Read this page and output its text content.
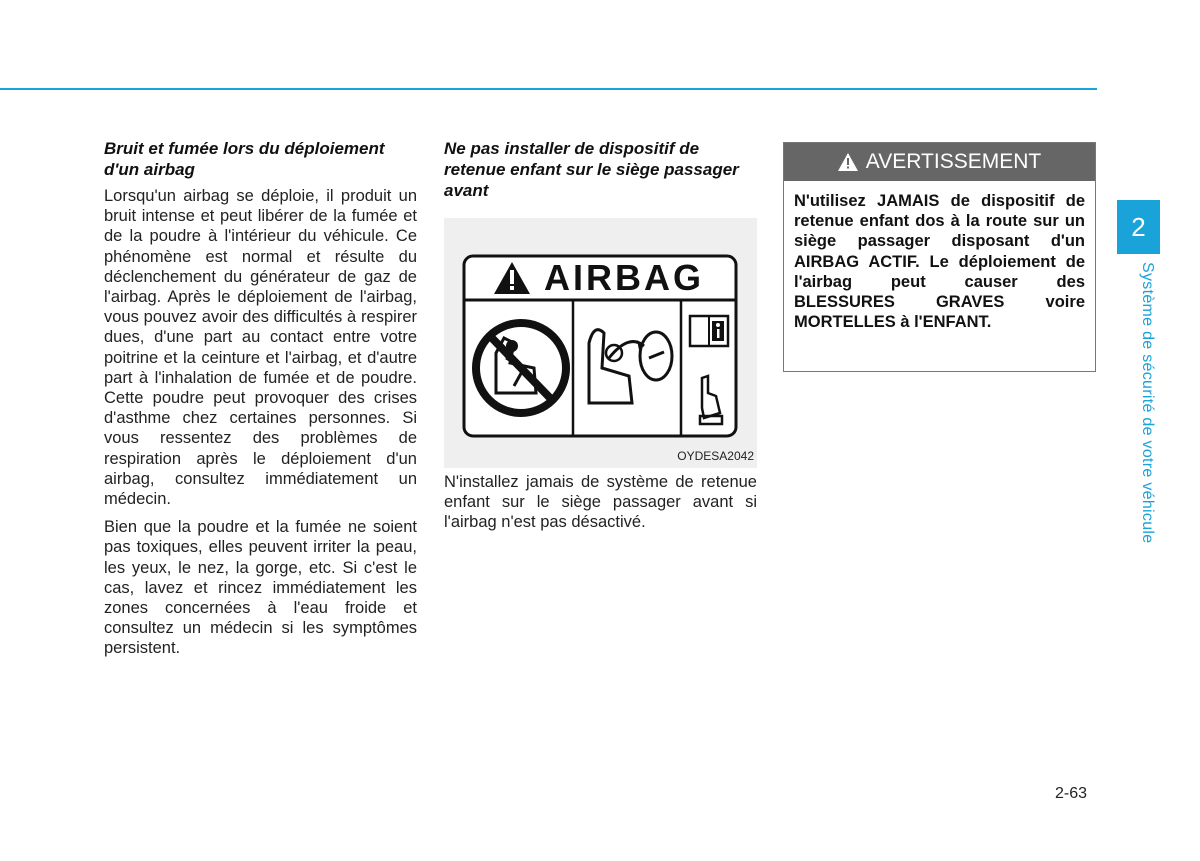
Bruit et fumée lors du déploiement d'un airbag

Lorsqu'un airbag se déploie, il produit un bruit intense et peut libérer de la fumée et de la poudre à l'intérieur du véhicule. Ce phénomène est normal et résulte du déclenchement du générateur de gaz de l'airbag. Après le déploiement de l'airbag, vous pouvez avoir des difficultés à respirer dues, d'une part au contact entre votre poitrine et la ceinture et l'airbag, et d'autre part à l'inhalation de fumée et de poudre. Cette poudre peut provoquer des crises d'asthme chez certaines personnes. Si vous ressentez des problèmes de respiration après le déploiement d'un airbag, consultez immédiatement un médecin.

Bien que la poudre et la fumée ne soient pas toxiques, elles peuvent irriter la peau, les yeux, le nez, la gorge, etc. Si c'est le cas, lavez et rincez immédiatement les zones concernées à l'eau froide et consultez un médecin si les symptômes persistent.

Ne pas installer de dispositif de retenue enfant sur le siège passager avant
AIRBAG
OYDESA2042

N'installez jamais de système de retenue enfant sur le siège passager avant si l'airbag n'est pas désactivé.

AVERTISSEMENT
N'utilisez JAMAIS de dispositif de retenue enfant dos à la route sur un siège passager disposant d'un AIRBAG ACTIF. Le déploiement de l'airbag peut causer des BLESSURES GRAVES voire MORTELLES à l'ENFANT.
2
Système de sécurité de votre véhicule
2-63
